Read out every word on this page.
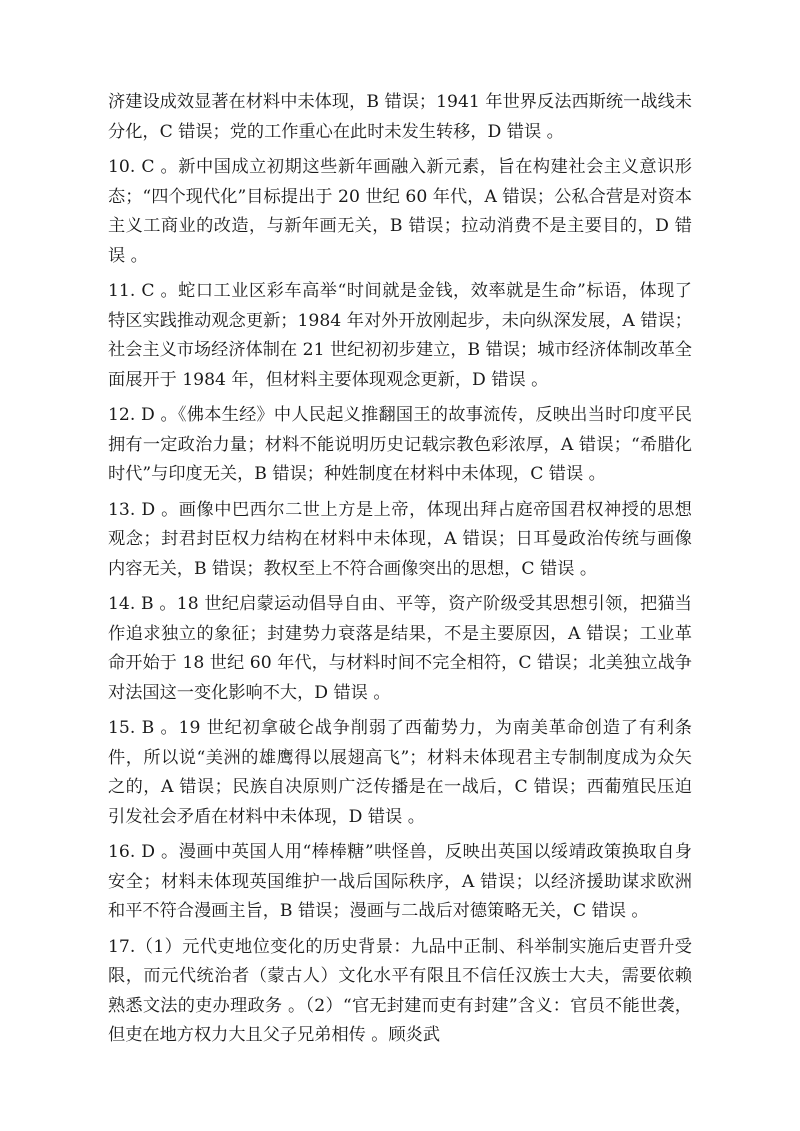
济建设成效显著在材料中未体现，B 错误；1941 年世界反法西斯统一战线未分化，C 错误；党的工作重心在此时未发生转移，D 错误 。

10. C 。新中国成立初期这些新年画融入新元素，旨在构建社会主义意识形态；“四个现代化”目标提出于 20 世纪 60 年代，A 错误；公私合营是对资本主义工商业的改造，与新年画无关，B 错误；拉动消费不是主要目的，D 错误 。

11. C 。蛇口工业区彩车高举“时间就是金钱，效率就是生命”标语，体现了特区实践推动观念更新；1984 年对外开放刚起步，未向纵深发展，A 错误；社会主义市场经济体制在 21 世纪初初步建立，B 错误；城市经济体制改革全面展开于 1984 年，但材料主要体现观念更新，D 错误 。

12. D 。《佛本生经》中人民起义推翻国王的故事流传，反映出当时印度平民拥有一定政治力量；材料不能说明历史记载宗教色彩浓厚，A 错误；“希腊化时代”与印度无关，B 错误；种姓制度在材料中未体现，C 错误 。

13. D 。画像中巴西尔二世上方是上帝，体现出拜占庭帝国君权神授的思想观念；封君封臣权力结构在材料中未体现，A 错误；日耳曼政治传统与画像内容无关，B 错误；教权至上不符合画像突出的思想，C 错误 。

14. B 。18 世纪启蒙运动倡导自由、平等，资产阶级受其思想引领，把猫当作追求独立的象征；封建势力衰落是结果，不是主要原因，A 错误；工业革命开始于 18 世纪 60 年代，与材料时间不完全相符，C 错误；北美独立战争对法国这一变化影响不大，D 错误 。

15. B 。19 世纪初拿破仑战争削弱了西葡势力，为南美革命创造了有利条件，所以说“美洲的雄鹰得以展翅高飞”；材料未体现君主专制制度成为众矢之的，A 错误；民族自决原则广泛传播是在一战后，C 错误；西葡殖民压迫引发社会矛盾在材料中未体现，D 错误 。

16. D 。漫画中英国人用“棒棒糖”哄怪兽，反映出英国以绥靖政策换取自身安全；材料未体现英国维护一战后国际秩序，A 错误；以经济援助谋求欧洲和平不符合漫画主旨，B 错误；漫画与二战后对德策略无关，C 错误 。

17.（1）元代吏地位变化的历史背景：九品中正制、科举制实施后吏晋升受限，而元代统治者（蒙古人）文化水平有限且不信任汉族士大夫，需要依赖熟悉文法的吏办理政务 。（2）“官无封建而吏有封建”含义：官员不能世袭，但吏在地方权力大且父子兄弟相传 。顾炎武
